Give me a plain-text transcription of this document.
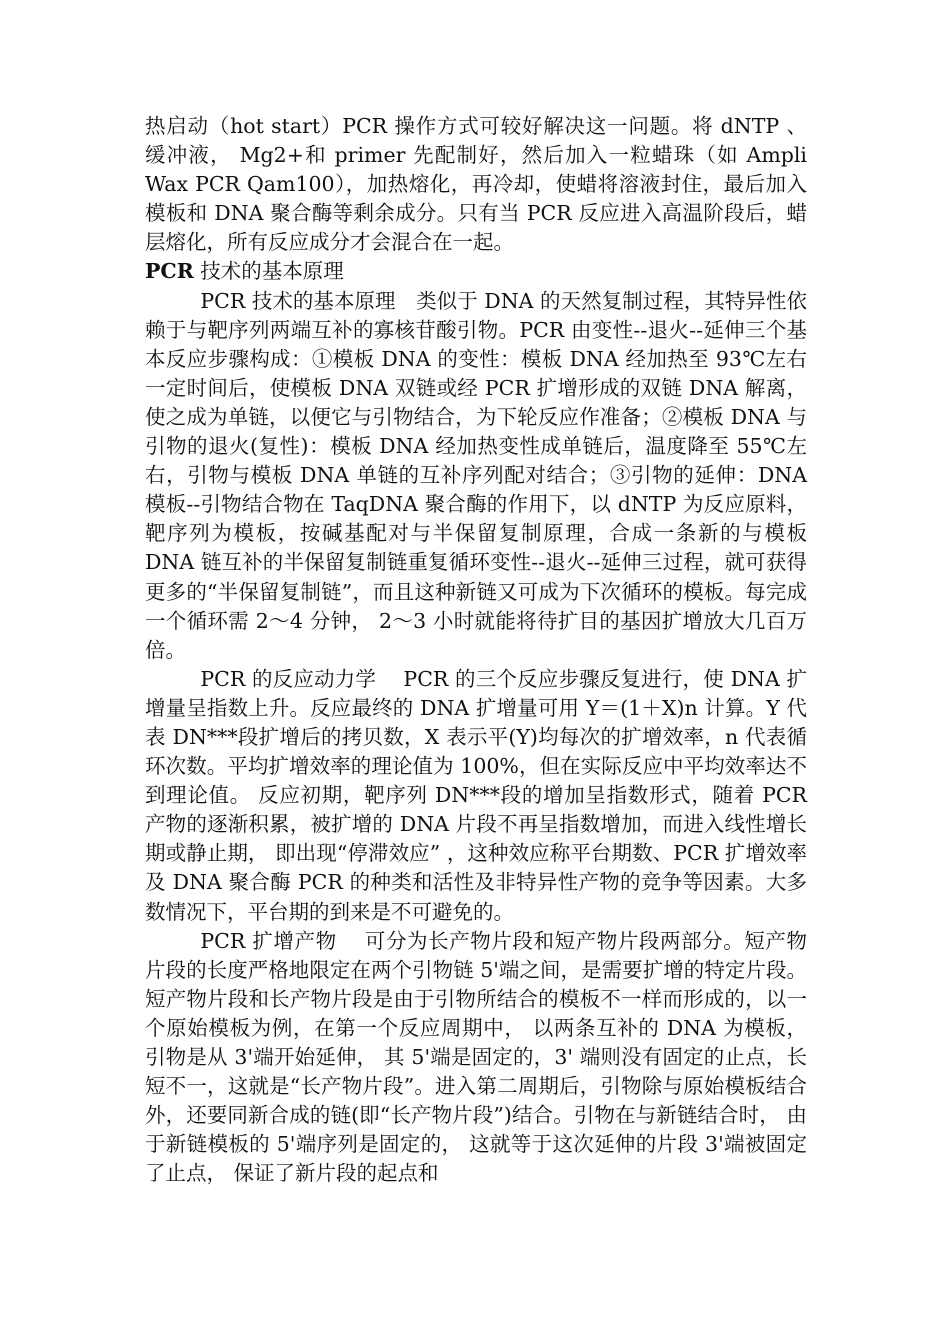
热启动（hot start）PCR 操作方式可较好解决这一问题。将 dNTP 、缓冲液， Mg2+和 primer 先配制好，然后加入一粒蜡珠（如 Ampli Wax PCR Qam100），加热熔化，再冷却，使蜡将溶液封住，最后加入模板和 DNA 聚合酶等剩余成分。只有当 PCR 反应进入高温阶段后，蜡层熔化，所有反应成分才会混合在一起。

PCR 技术的基本原理

PCR 技术的基本原理　类似于 DNA 的天然复制过程，其特异性依赖于与靶序列两端互补的寡核苷酸引物。PCR 由变性--退火--延伸三个基本反应步骤构成：①模板 DNA 的变性：模板 DNA 经加热至 93℃左右一定时间后，使模板 DNA 双链或经 PCR 扩增形成的双链 DNA 解离，使之成为单链，以便它与引物结合，为下轮反应作准备；②模板 DNA 与引物的退火(复性)：模板 DNA 经加热变性成单链后，温度降至 55℃左右，引物与模板 DNA 单链的互补序列配对结合；③引物的延伸：DNA 模板--引物结合物在 TaqDNA 聚合酶的作用下，以 dNTP 为反应原料，靶序列为模板，按碱基配对与半保留复制原理，合成一条新的与模板 DNA 链互补的半保留复制链重复循环变性--退火--延伸三过程，就可获得更多的“半保留复制链”，而且这种新链又可成为下次循环的模板。每完成一个循环需 2～4 分钟， 2～3 小时就能将待扩目的基因扩增放大几百万倍。

PCR 的反应动力学　 PCR 的三个反应步骤反复进行，使 DNA 扩增量呈指数上升。反应最终的 DNA 扩增量可用 Y＝(1＋X)n 计算。Y 代表 DN***段扩增后的拷贝数，X 表示平(Y)均每次的扩增效率，n 代表循环次数。平均扩增效率的理论值为 100%，但在实际反应中平均效率达不到理论值。 反应初期，靶序列 DN***段的增加呈指数形式，随着 PCR 产物的逐渐积累，被扩增的 DNA 片段不再呈指数增加，而进入线性增长期或静止期， 即出现“停滞效应” ，这种效应称平台期数、PCR 扩增效率及 DNA 聚合酶 PCR 的种类和活性及非特异性产物的竞争等因素。大多数情况下，平台期的到来是不可避免的。

PCR 扩增产物　 可分为长产物片段和短产物片段两部分。短产物片段的长度严格地限定在两个引物链 5'端之间，是需要扩增的特定片段。短产物片段和长产物片段是由于引物所结合的模板不一样而形成的，以一个原始模板为例，在第一个反应周期中， 以两条互补的 DNA 为模板，引物是从 3'端开始延伸， 其 5'端是固定的，3' 端则没有固定的止点，长短不一，这就是“长产物片段”。进入第二周期后，引物除与原始模板结合外，还要同新合成的链(即“长产物片段”)结合。引物在与新链结合时， 由于新链模板的 5'端序列是固定的， 这就等于这次延伸的片段 3'端被固定了止点， 保证了新片段的起点和
